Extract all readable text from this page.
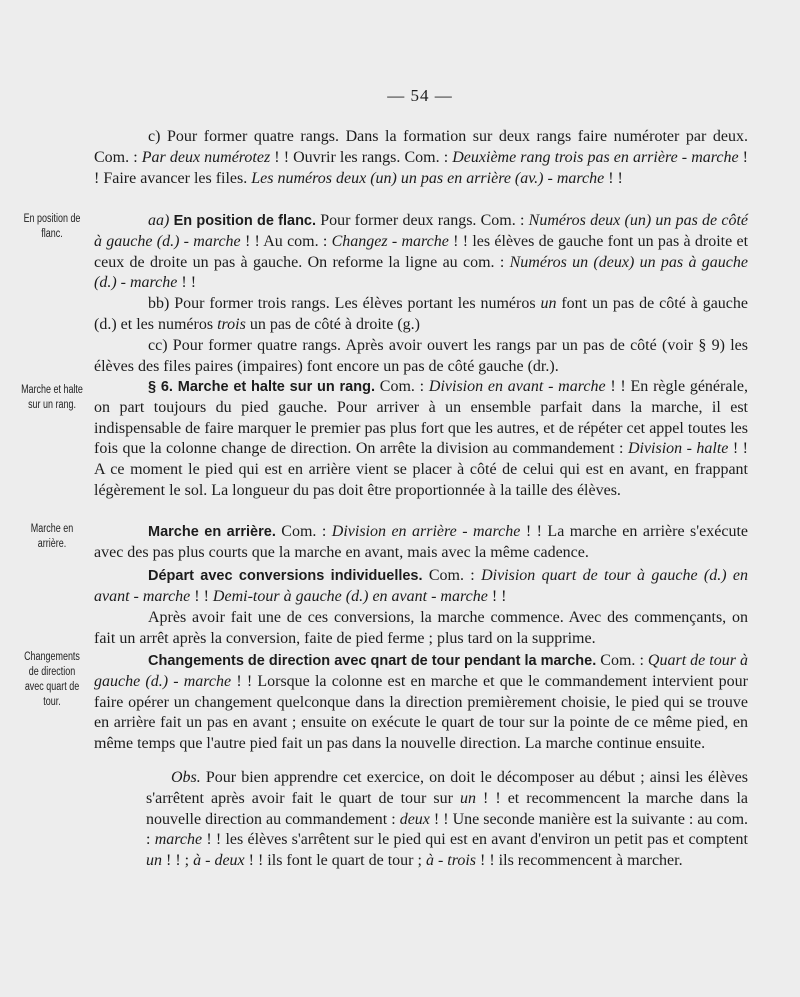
— 54 —
En position de flanc.
Marche et halte sur un rang.
Marche en arrière.
Changements de direction avec quart de tour.

c) Pour former quatre rangs. Dans la formation sur deux rangs faire numéroter par deux. Com. : Par deux numérotez ! ! Ouvrir les rangs. Com. : Deuxième rang trois pas en arrière - marche ! ! Faire avancer les files. Les numéros deux (un) un pas en arrière (av.) - marche ! !

aa) En position de flanc. Pour former deux rangs. Com. : Numéros deux (un) un pas de côté à gauche (d.) - marche ! ! Au com. : Changez - marche ! ! les élèves de gauche font un pas à droite et ceux de droite un pas à gauche. On reforme la ligne au com. : Numéros un (deux) un pas à gauche (d.) - marche ! !

bb) Pour former trois rangs. Les élèves portant les numéros un font un pas de côté à gauche (d.) et les numéros trois un pas de côté à droite (g.)

cc) Pour former quatre rangs. Après avoir ouvert les rangs par un pas de côté (voir § 9) les élèves des files paires (impaires) font encore un pas de côté gauche (dr.).

§ 6. Marche et halte sur un rang. Com. : Division en avant - marche ! ! En règle générale, on part toujours du pied gauche. Pour arriver à un ensemble parfait dans la marche, il est indispensable de faire marquer le premier pas plus fort que les autres, et de répéter cet appel toutes les fois que la colonne change de direction. On arrête la division au commandement : Division - halte ! ! A ce moment le pied qui est en arrière vient se placer à côté de celui qui est en avant, en frappant légèrement le sol. La longueur du pas doit être proportionnée à la taille des élèves.

Marche en arrière. Com. : Division en arrière - marche ! ! La marche en arrière s'exécute avec des pas plus courts que la marche en avant, mais avec la même cadence.

Départ avec conversions individuelles. Com. : Division quart de tour à gauche (d.) en avant - marche ! ! Demi-tour à gauche (d.) en avant - marche ! !

Après avoir fait une de ces conversions, la marche commence. Avec des commençants, on fait un arrêt après la conversion, faite de pied ferme ; plus tard on la supprime.

Changements de direction avec qnart de tour pendant la marche. Com. : Quart de tour à gauche (d.) - marche ! ! Lorsque la colonne est en marche et que le commandement intervient pour faire opérer un changement quelconque dans la direction premièrement choisie, le pied qui se trouve en arrière fait un pas en avant ; ensuite on exécute le quart de tour sur la pointe de ce même pied, en même temps que l'autre pied fait un pas dans la nouvelle direction. La marche continue ensuite.

Obs. Pour bien apprendre cet exercice, on doit le décomposer au début ; ainsi les élèves s'arrêtent après avoir fait le quart de tour sur un ! ! et recommencent la marche dans la nouvelle direction au commandement : deux ! ! Une seconde manière est la suivante : au com. : marche ! ! les élèves s'arrêtent sur le pied qui est en avant d'environ un petit pas et comptent un ! ! ; à - deux ! ! ils font le quart de tour ; à - trois ! ! ils recommencent à marcher.
